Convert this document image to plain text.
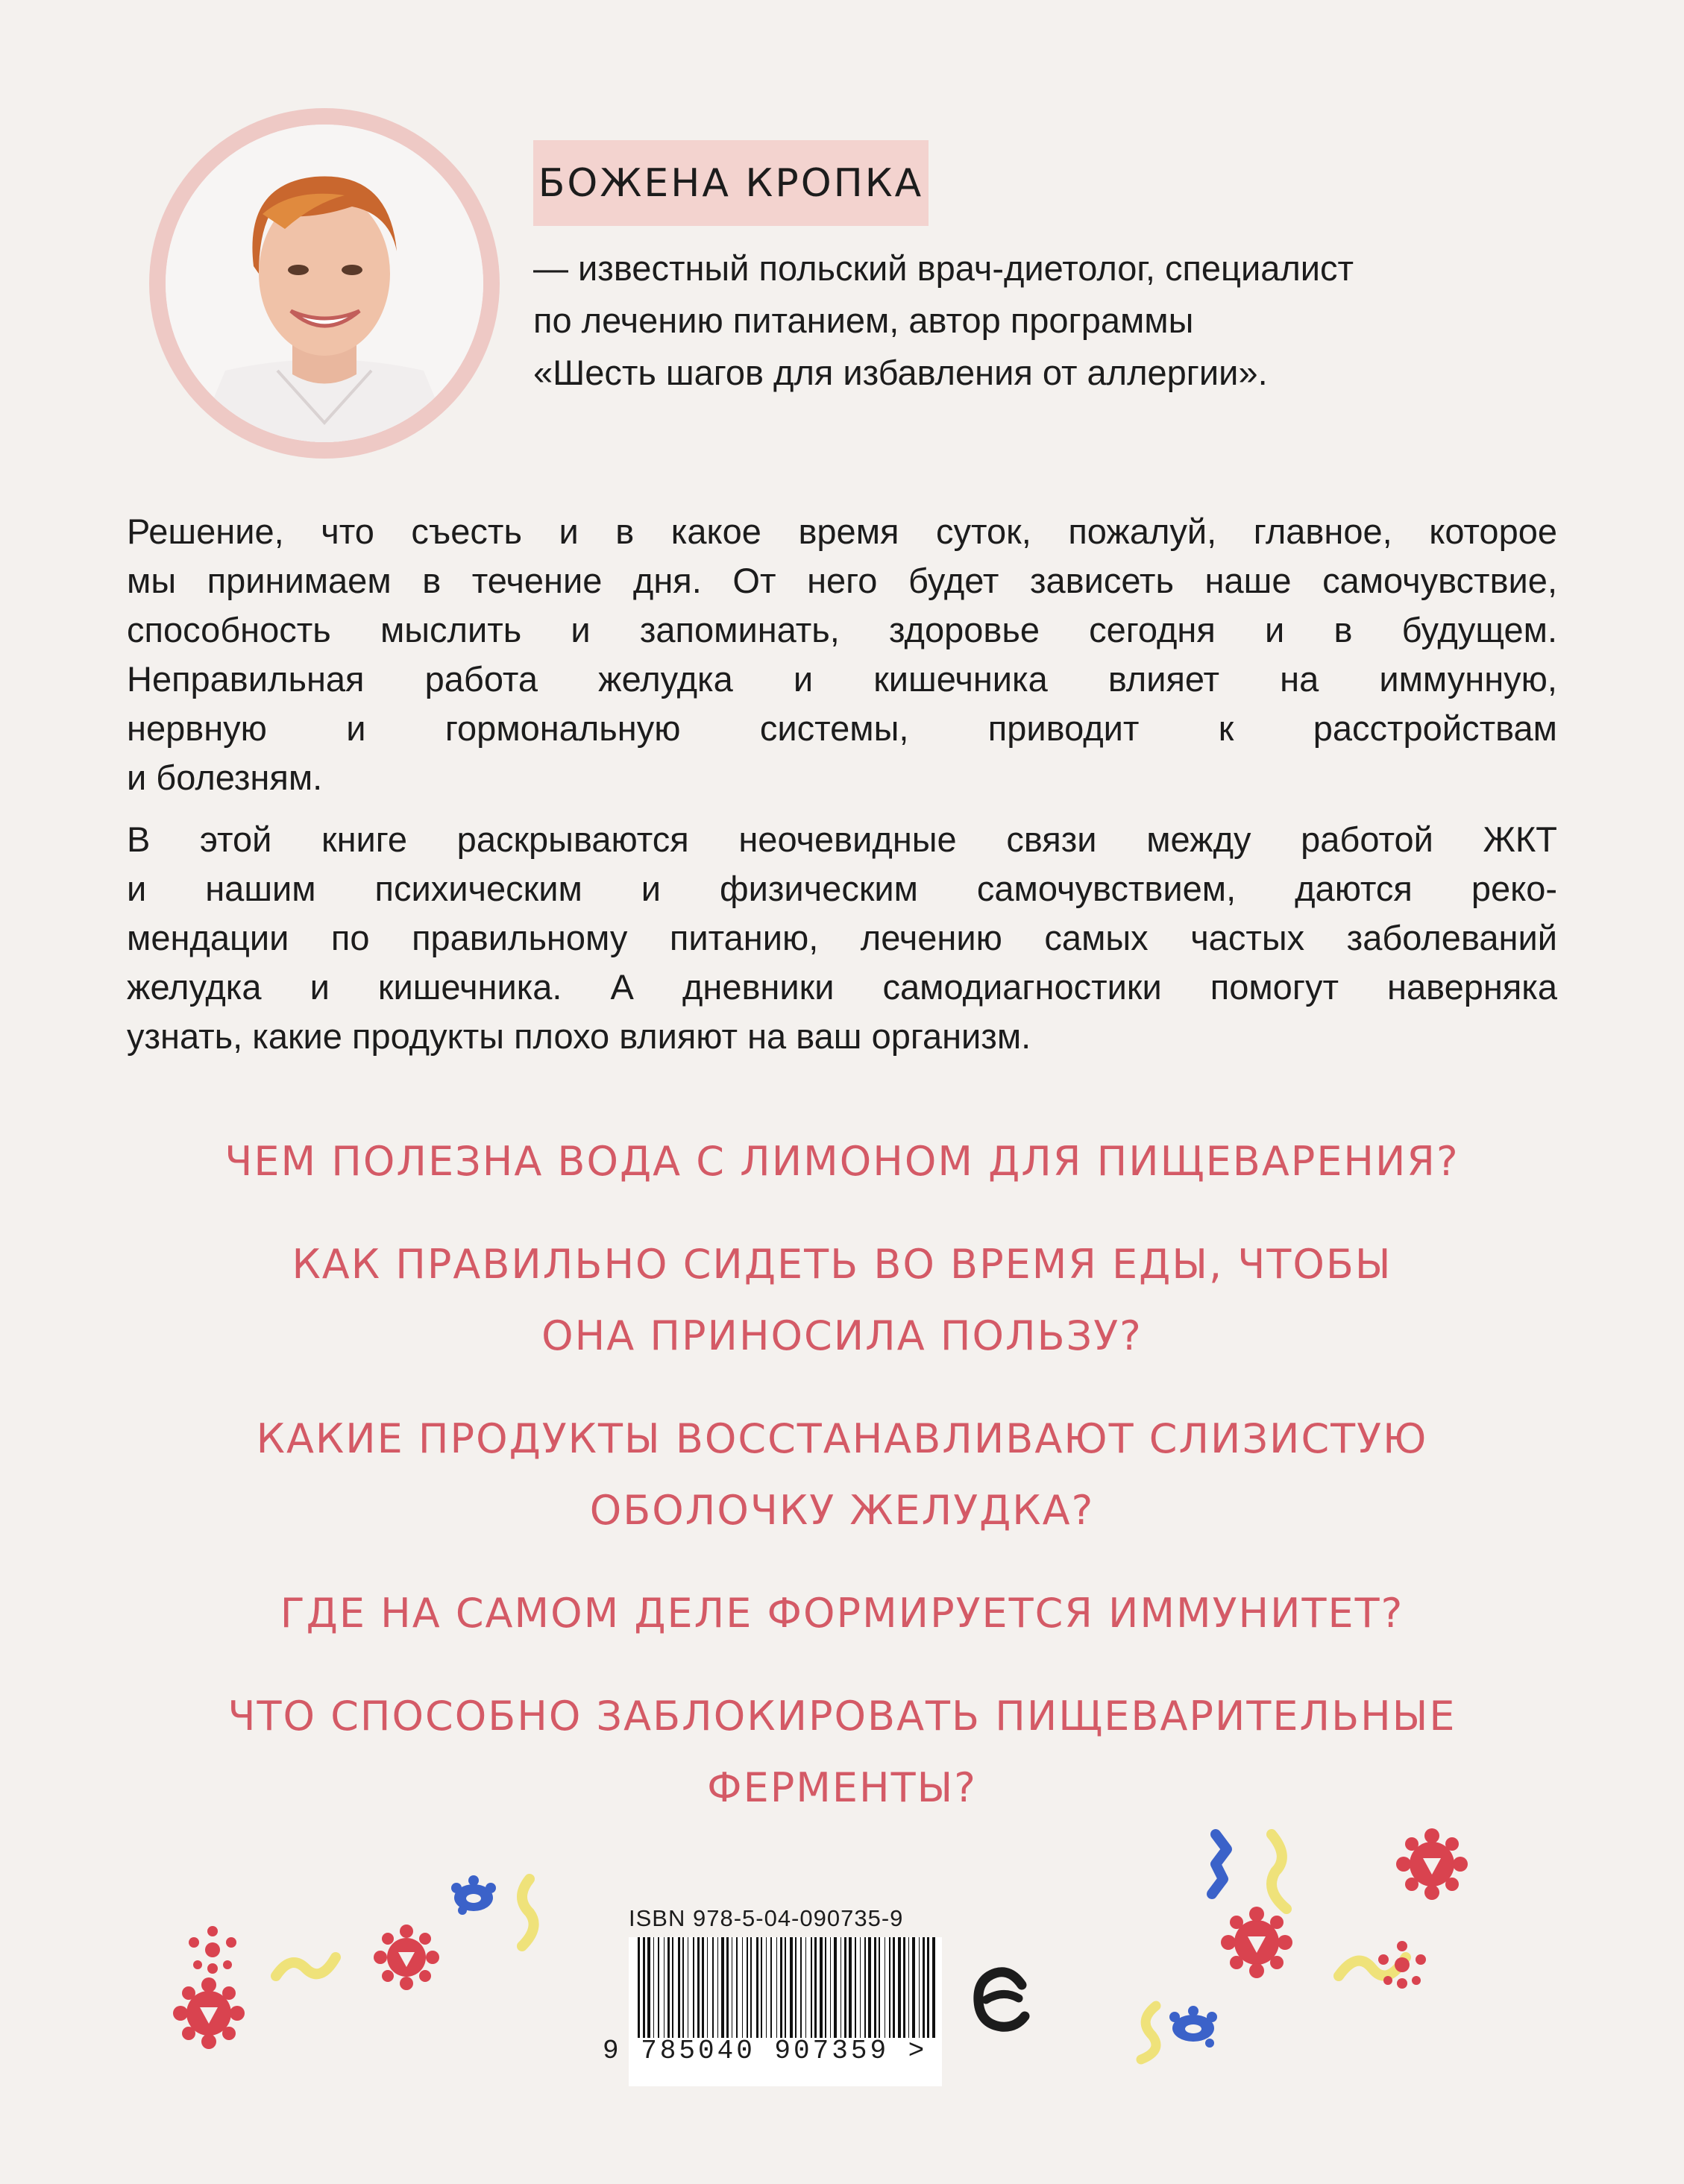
БОЖЕНА КРОПКА
— известный польский врач-диетолог, специалист
по лечению питанием, автор программы
«Шесть шагов для избавления от аллергии».
Решение, что съесть и в какое время суток, пожалуй, главное, которое
мы принимаем в течение дня. От него будет зависеть наше самочувствие,
способность мыслить и запоминать, здоровье сегодня и в будущем.
Неправильная работа желудка и кишечника влияет на иммунную,
нервную и гормональную системы, приводит к расстройствам
и болезням.
В этой книге раскрываются неочевидные связи между работой ЖКТ
и нашим психическим и физическим самочувствием, даются реко-
мендации по правильному питанию, лечению самых частых заболеваний
желудка и кишечника. А дневники самодиагностики помогут наверняка
узнать, какие продукты плохо влияют на ваш организм.
ЧЕМ ПОЛЕЗНА ВОДА С ЛИМОНОМ ДЛЯ ПИЩЕВАРЕНИЯ?
КАК ПРАВИЛЬНО СИДЕТЬ ВО ВРЕМЯ ЕДЫ, ЧТОБЫ
ОНА ПРИНОСИЛА ПОЛЬЗУ?
КАКИЕ ПРОДУКТЫ ВОССТАНАВЛИВАЮТ СЛИЗИСТУЮ
ОБОЛОЧКУ ЖЕЛУДКА?
ГДЕ НА САМОМ ДЕЛЕ ФОРМИРУЕТСЯ ИММУНИТЕТ?
ЧТО СПОСОБНО ЗАБЛОКИРОВАТЬ ПИЩЕВАРИТЕЛЬНЫЕ
ФЕРМЕНТЫ?
ISBN 978-5-04-090735-9
9 785040 907359 >
